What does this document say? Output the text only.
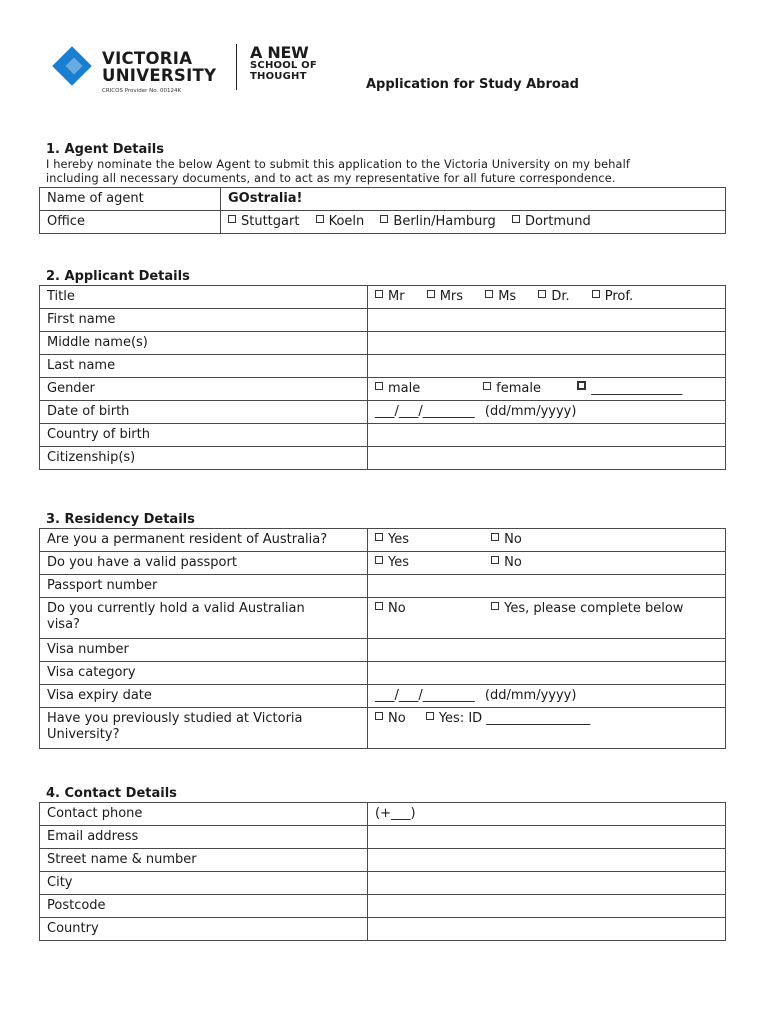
VICTORIA
UNIVERSITY
CRICOS Provider No. 00124K
A NEW
SCHOOL OF
THOUGHT
Application for Study Abroad
1. Agent Details
I hereby nominate the below Agent to submit this application to the Victoria University on my behalf
including all necessary documents, and to act as my representative for all future correspondence.
Name of agent	GOstralia!
Office	Stuttgart Koeln Berlin/Hamburg Dortmund
2. Applicant Details
Title	Mr Mrs Ms Dr. Prof.
First name	
Middle name(s)	
Last name	
Gender	male female ______________
Date of birth	___/___/________ (dd/mm/yyyy)
Country of birth	
Citizenship(s)	
3. Residency Details
Are you a permanent resident of Australia?	Yes No
Do you have a valid passport	Yes No
Passport number	

Do you currently hold a valid Australian
visa?	No Yes, please complete below
Visa number	
Visa category	
Visa expiry date	___/___/________ (dd/mm/yyyy)

Have you previously studied at Victoria
University?	No Yes: ID ________________
4. Contact Details
Contact phone	(+___)
Email address	
Street name & number	
City	
Postcode	
Country	
